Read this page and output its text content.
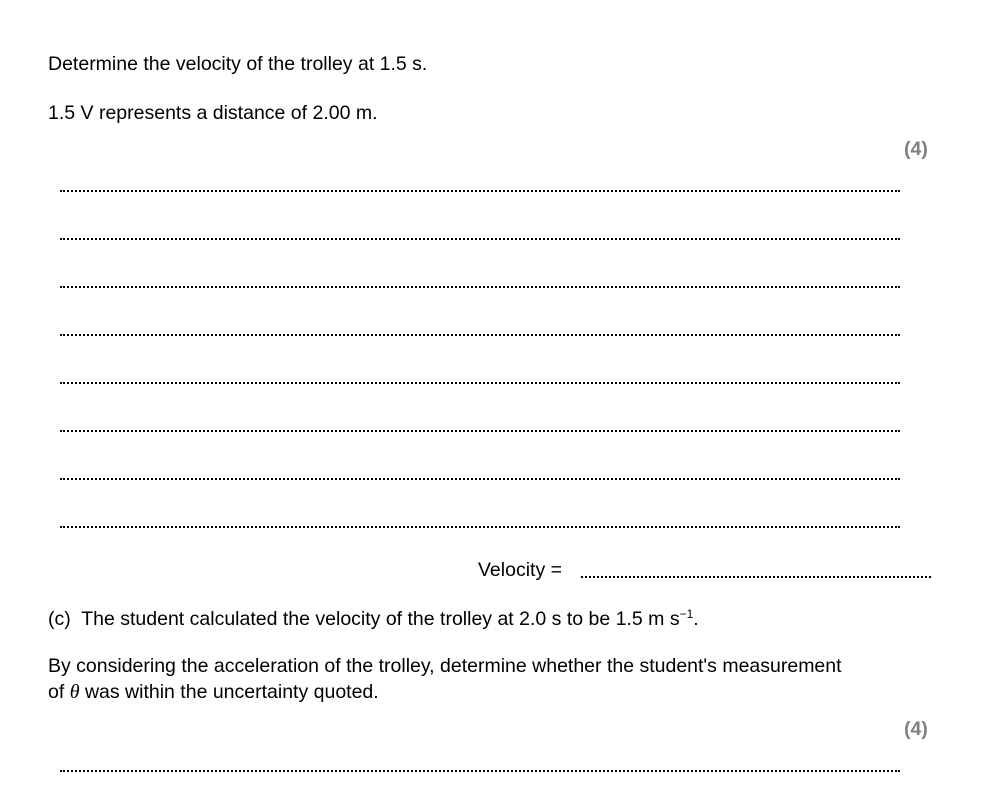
Determine the velocity of the trolley at 1.5 s.
1.5 V represents a distance of 2.00 m.
(4)
Velocity =
(c) The student calculated the velocity of the trolley at 2.0 s to be 1.5 m $s^{-1}$.
By considering the acceleration of the trolley, determine whether the student's measurement
of θ was within the uncertainty quoted.
(4)
